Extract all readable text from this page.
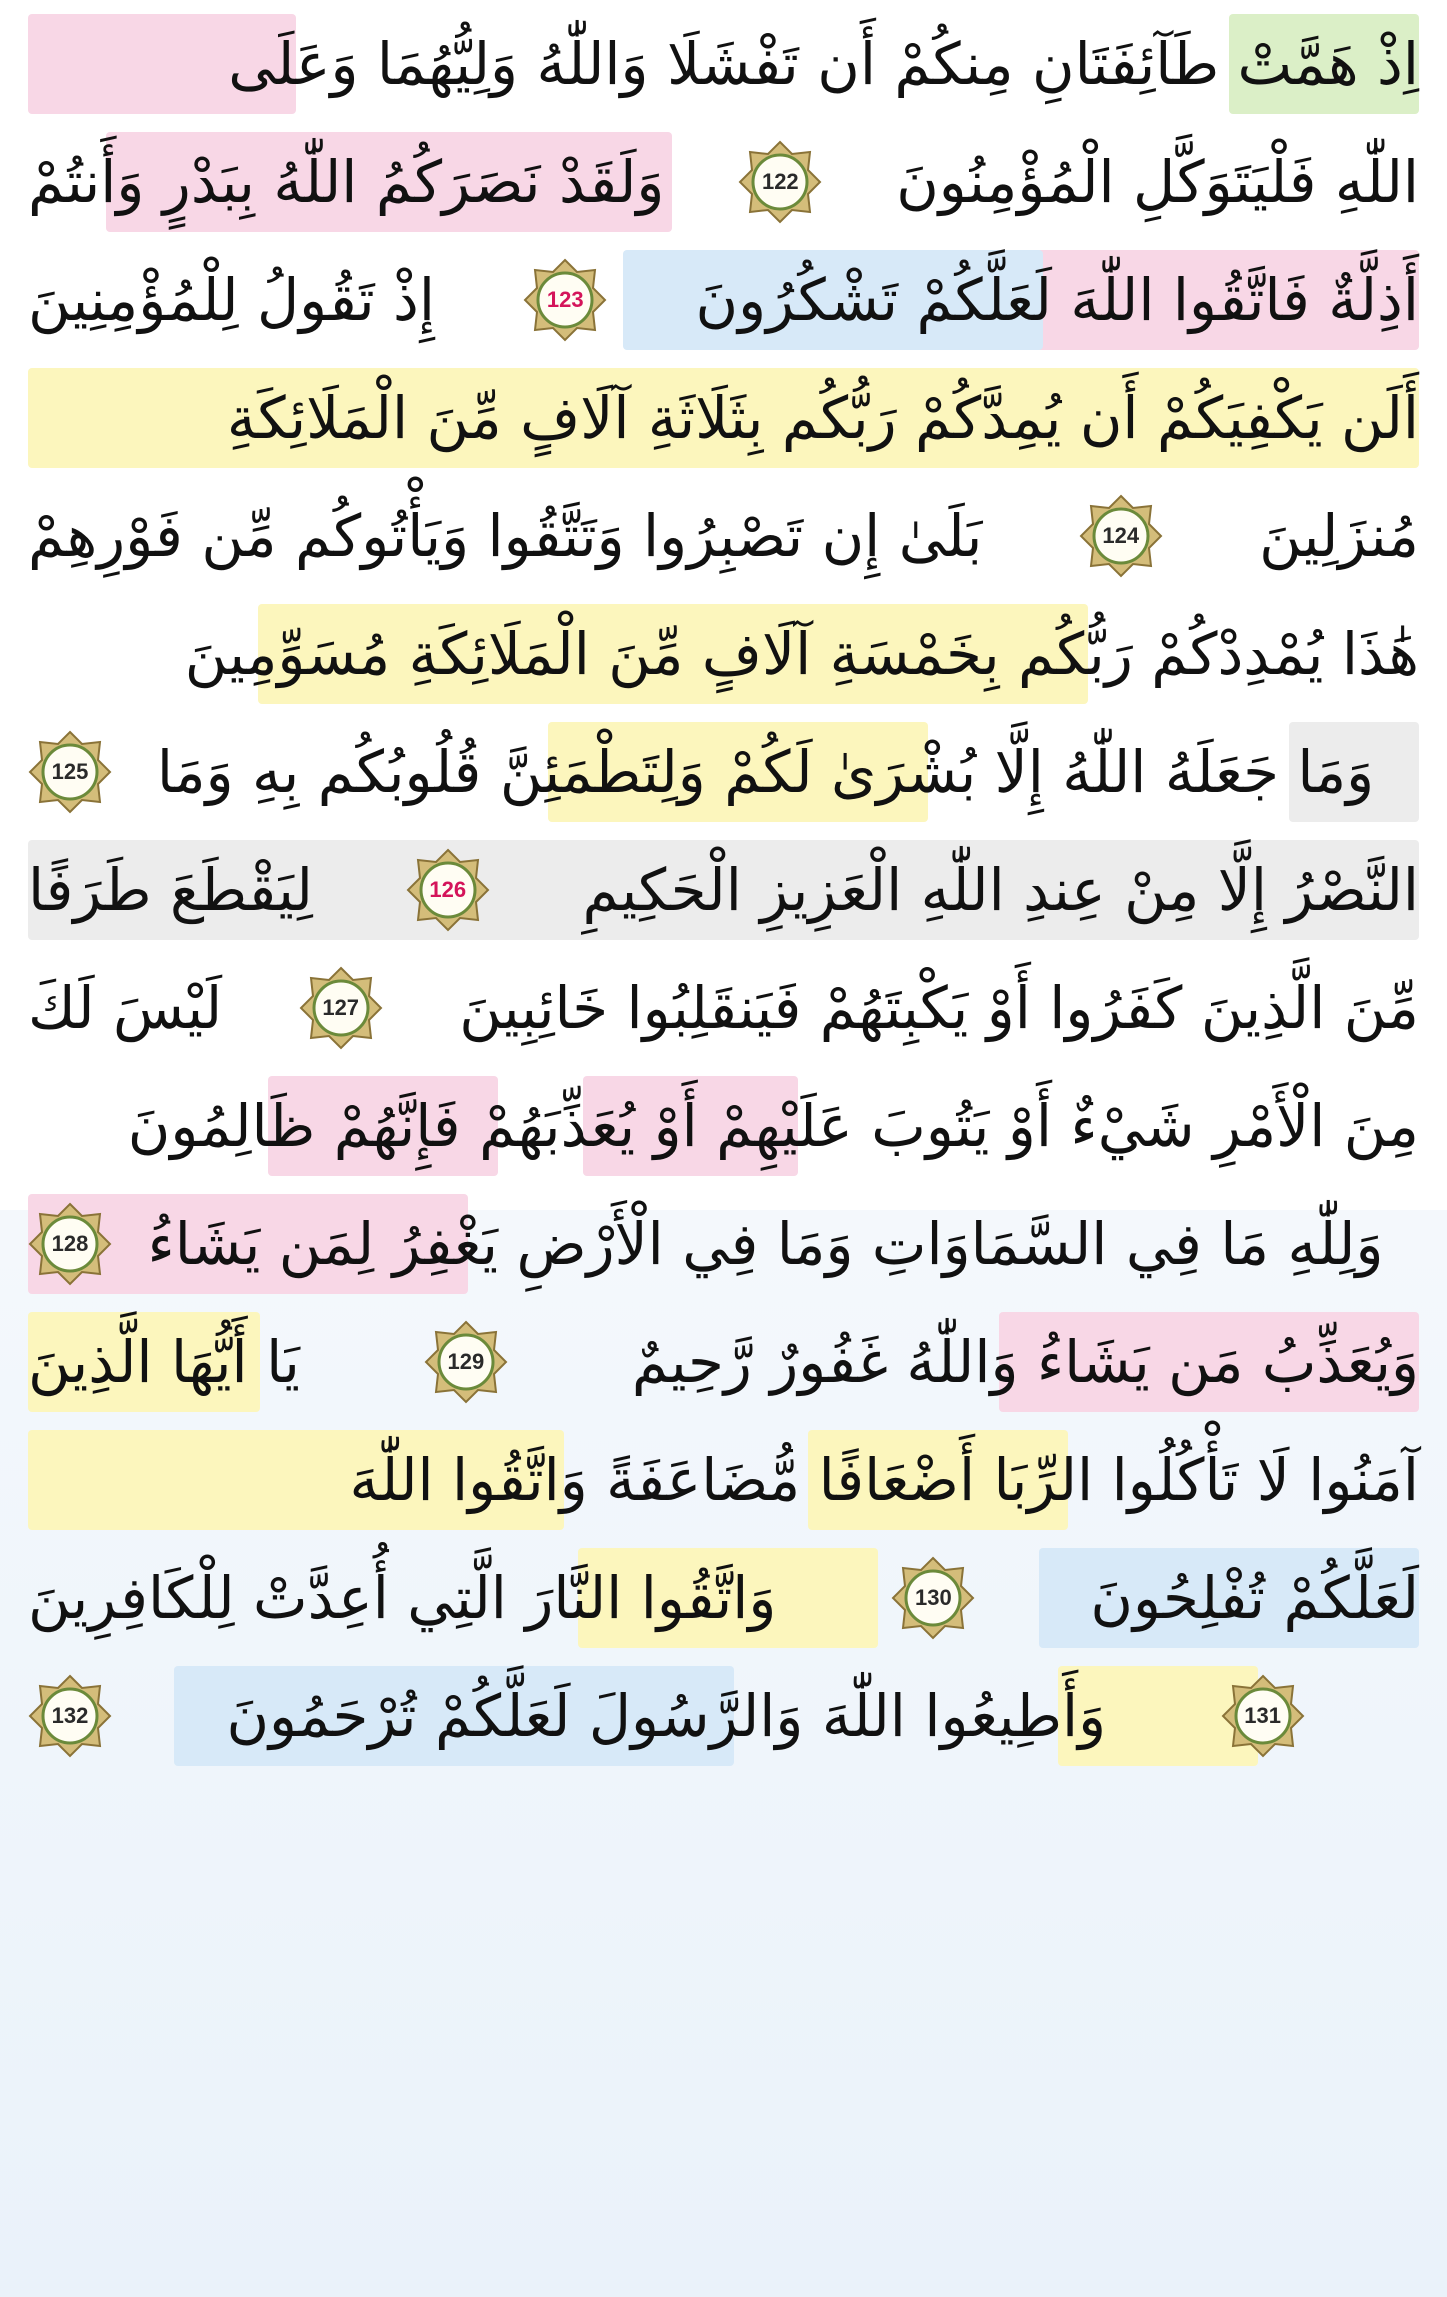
اِذْ هَمَّتْ طَآئِفَتَانِ مِنكُمْ أَن تَفْشَلَا وَاللّٰهُ وَلِيُّهُمَا وَعَلَى
اللّٰهِ فَلْيَتَوَكَّلِ الْمُؤْمِنُونَ
122
وَلَقَدْ نَصَرَكُمُ اللّٰهُ بِبَدْرٍ وَأَنتُمْ
أَذِلَّةٌ فَاتَّقُوا اللّٰهَ لَعَلَّكُمْ تَشْكُرُونَ
123
إِذْ تَقُولُ لِلْمُؤْمِنِينَ
أَلَن يَكْفِيَكُمْ أَن يُمِدَّكُمْ رَبُّكُم بِثَلَاثَةِ آلَافٍ مِّنَ الْمَلَائِكَةِ
مُنزَلِينَ
124
بَلَىٰ إِن تَصْبِرُوا وَتَتَّقُوا وَيَأْتُوكُم مِّن فَوْرِهِمْ
هَٰذَا يُمْدِدْكُمْ رَبُّكُم بِخَمْسَةِ آلَافٍ مِّنَ الْمَلَائِكَةِ مُسَوِّمِينَ
وَمَا جَعَلَهُ اللّٰهُ إِلَّا بُشْرَىٰ لَكُمْ وَلِتَطْمَئِنَّ قُلُوبُكُم بِهِ وَمَا
125
النَّصْرُ إِلَّا مِنْ عِندِ اللّٰهِ الْعَزِيزِ الْحَكِيمِ
126
لِيَقْطَعَ طَرَفًا
مِّنَ الَّذِينَ كَفَرُوا أَوْ يَكْبِتَهُمْ فَيَنقَلِبُوا خَائِبِينَ
127
لَيْسَ لَكَ
مِنَ الْأَمْرِ شَيْءٌ أَوْ يَتُوبَ عَلَيْهِمْ أَوْ يُعَذِّبَهُمْ فَإِنَّهُمْ ظَالِمُونَ
وَلِلّٰهِ مَا فِي السَّمَاوَاتِ وَمَا فِي الْأَرْضِ يَغْفِرُ لِمَن يَشَاءُ
128
وَيُعَذِّبُ مَن يَشَاءُ وَاللّٰهُ غَفُورٌ رَّحِيمٌ
129
يَا أَيُّهَا الَّذِينَ
آمَنُوا لَا تَأْكُلُوا الرِّبَا أَضْعَافًا مُّضَاعَفَةً وَاتَّقُوا اللّٰهَ
لَعَلَّكُمْ تُفْلِحُونَ
130
وَاتَّقُوا النَّارَ الَّتِي أُعِدَّتْ لِلْكَافِرِينَ
131
وَأَطِيعُوا اللّٰهَ وَالرَّسُولَ لَعَلَّكُمْ تُرْحَمُونَ
132
